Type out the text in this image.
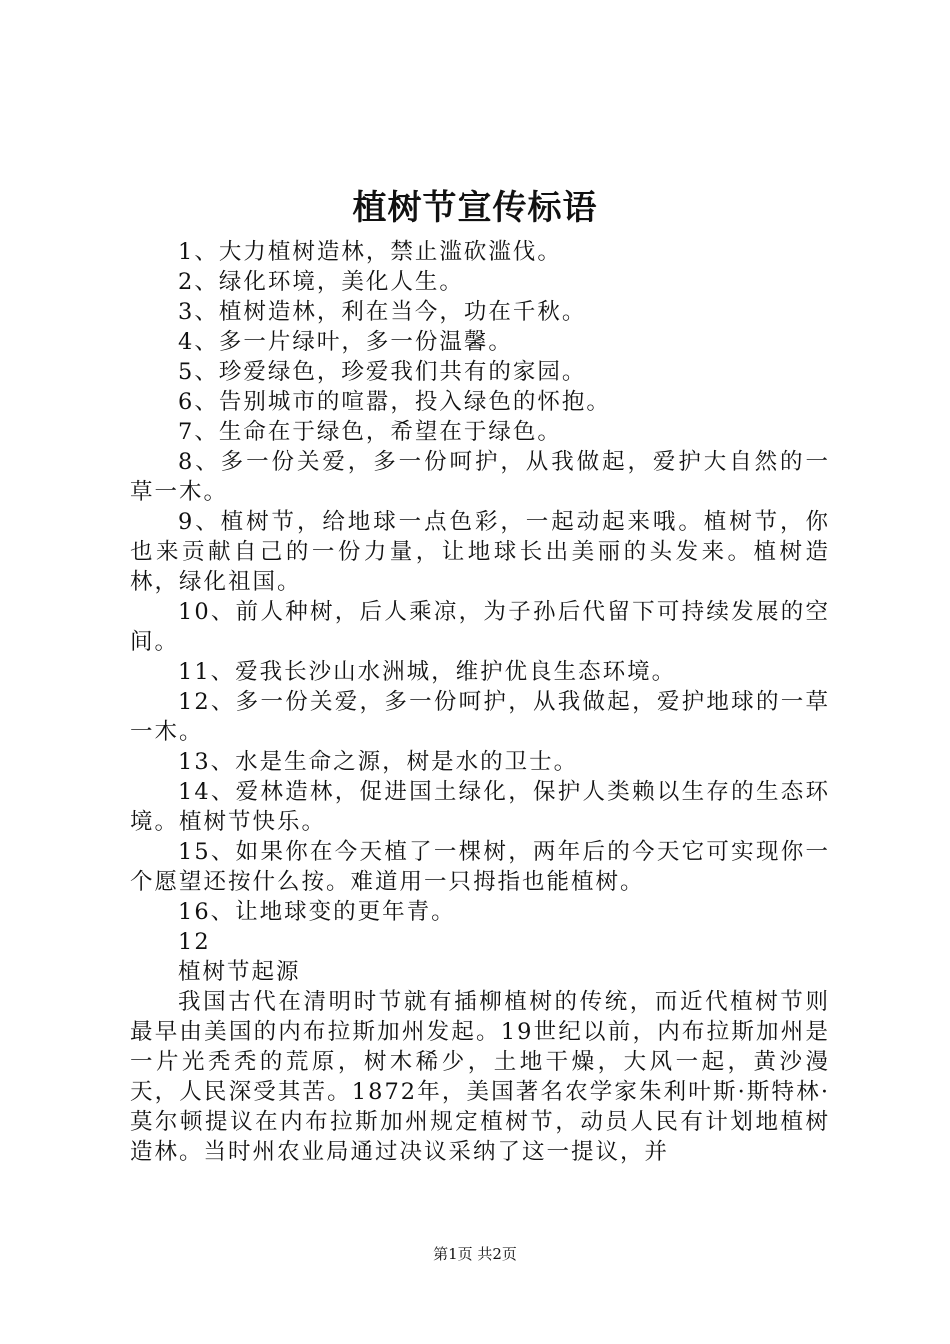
植树节宣传标语

1、大力植树造林，禁止滥砍滥伐。

2、绿化环境，美化人生。

3、植树造林，利在当今，功在千秋。

4、多一片绿叶，多一份温馨。

5、珍爱绿色，珍爱我们共有的家园。

6、告别城市的喧嚣，投入绿色的怀抱。

7、生命在于绿色，希望在于绿色。

8、多一份关爱，多一份呵护，从我做起，爱护大自然的一草一木。

9、植树节，给地球一点色彩，一起动起来哦。植树节，你也来贡献自己的一份力量，让地球长出美丽的头发来。植树造林，绿化祖国。

10、前人种树，后人乘凉，为子孙后代留下可持续发展的空间。

11、爱我长沙山水洲城，维护优良生态环境。

12、多一份关爱，多一份呵护，从我做起，爱护地球的一草一木。

13、水是生命之源，树是水的卫士。

14、爱林造林，促进国土绿化，保护人类赖以生存的生态环境。植树节快乐。

15、如果你在今天植了一棵树，两年后的今天它可实现你一个愿望还按什么按。难道用一只拇指也能植树。

16、让地球变的更年青。

12

植树节起源

我国古代在清明时节就有插柳植树的传统，而近代植树节则最早由美国的内布拉斯加州发起。19世纪以前，内布拉斯加州是一片光秃秃的荒原，树木稀少，土地干燥，大风一起，黄沙漫天，人民深受其苦。1872年，美国著名农学家朱利叶斯·斯特林·莫尔顿提议在内布拉斯加州规定植树节，动员人民有计划地植树造林。当时州农业局通过决议采纳了这一提议，并

第1页 共2页
